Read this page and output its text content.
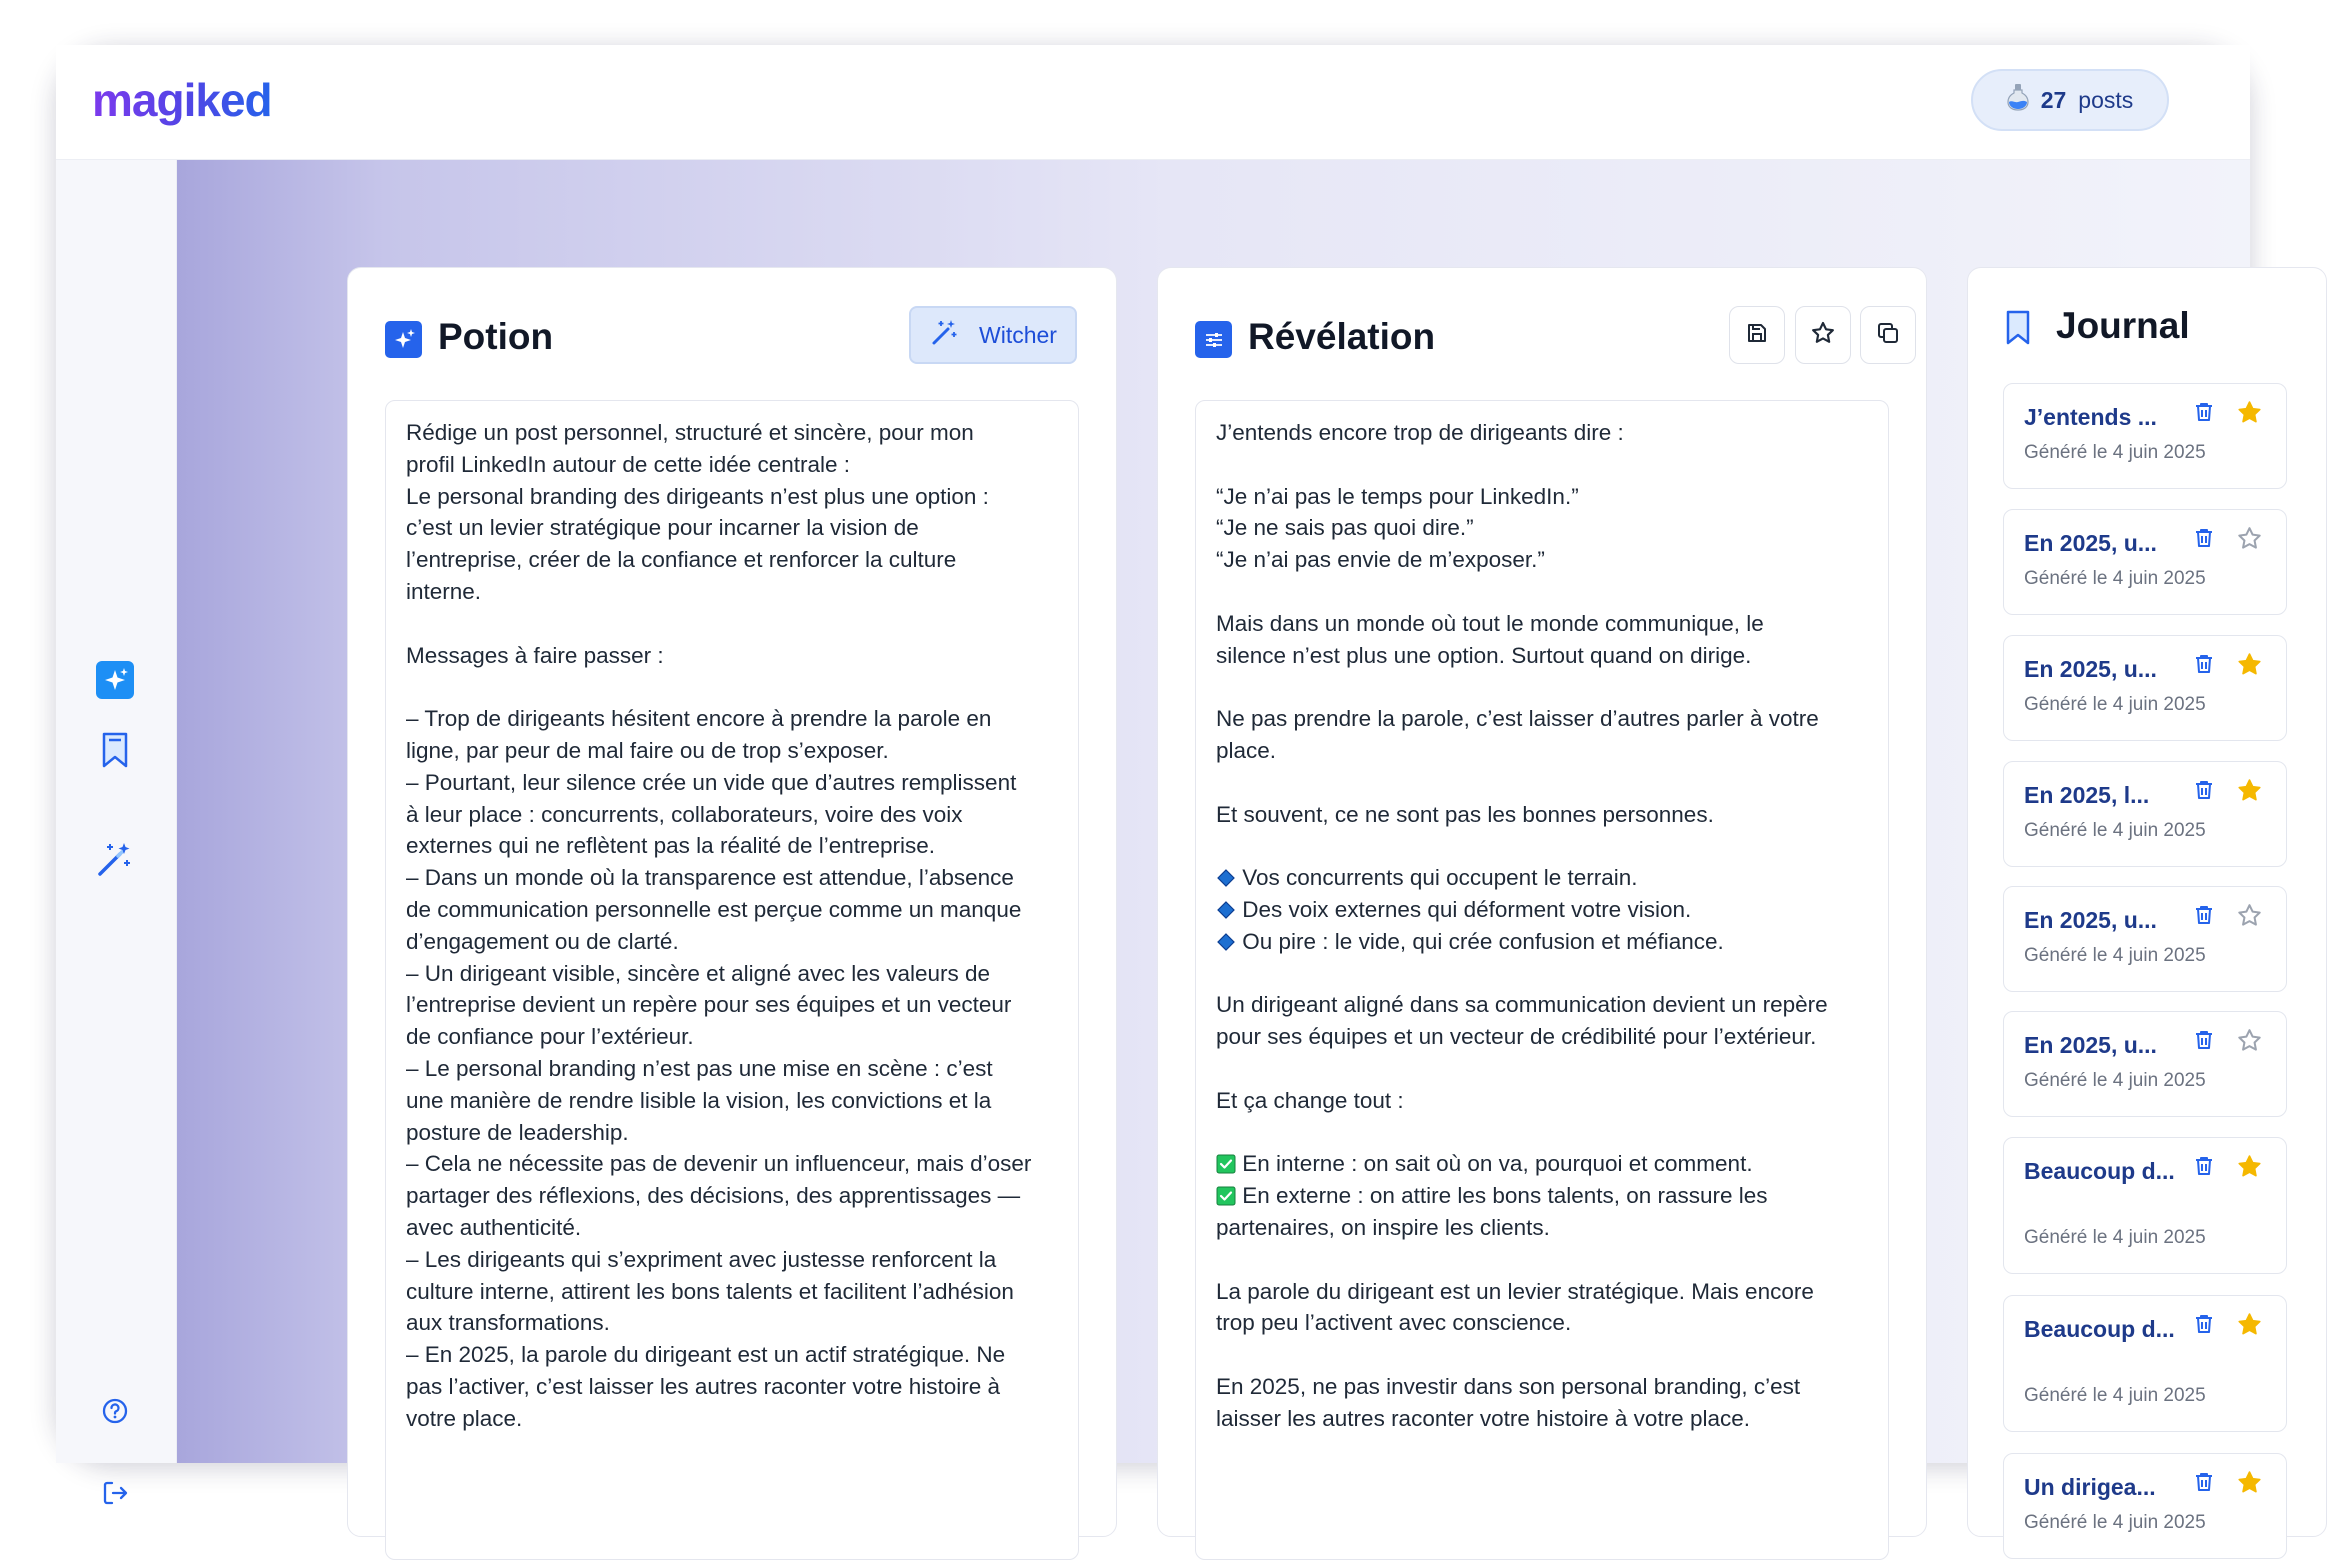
magiked	27 posts
Potion	Witcher
Rédige un post personnel, structuré et sincère, pour mon
profil LinkedIn autour de cette idée centrale :
Le personal branding des dirigeants n’est plus une option :
c’est un levier stratégique pour incarner la vision de
l’entreprise, créer de la confiance et renforcer la culture
interne.
Messages à faire passer :
– Trop de dirigeants hésitent encore à prendre la parole en
ligne, par peur de mal faire ou de trop s’exposer.
– Pourtant, leur silence crée un vide que d’autres remplissent
à leur place : concurrents, collaborateurs, voire des voix
externes qui ne reflètent pas la réalité de l’entreprise.
– Dans un monde où la transparence est attendue, l’absence
de communication personnelle est perçue comme un manque
d’engagement ou de clarté.
– Un dirigeant visible, sincère et aligné avec les valeurs de
l’entreprise devient un repère pour ses équipes et un vecteur
de confiance pour l’extérieur.
– Le personal branding n’est pas une mise en scène : c’est
une manière de rendre lisible la vision, les convictions et la
posture de leadership.
– Cela ne nécessite pas de devenir un influenceur, mais d’oser
partager des réflexions, des décisions, des apprentissages —
avec authenticité.
– Les dirigeants qui s’expriment avec justesse renforcent la
culture interne, attirent les bons talents et facilitent l’adhésion
aux transformations.
– En 2025, la parole du dirigeant est un actif stratégique. Ne
pas l’activer, c’est laisser les autres raconter votre histoire à
votre place.
Révélation
J’entends encore trop de dirigeants dire :
“Je n’ai pas le temps pour LinkedIn.”
“Je ne sais pas quoi dire.”
“Je n’ai pas envie de m’exposer.”
Mais dans un monde où tout le monde communique, le
silence n’est plus une option. Surtout quand on dirige.
Ne pas prendre la parole, c’est laisser d’autres parler à votre
place.
Et souvent, ce ne sont pas les bonnes personnes.
Vos concurrents qui occupent le terrain.
Des voix externes qui déforment votre vision.
Ou pire : le vide, qui crée confusion et méfiance.
Un dirigeant aligné dans sa communication devient un repère
pour ses équipes et un vecteur de crédibilité pour l’extérieur.
Et ça change tout :
En interne : on sait où on va, pourquoi et comment.
En externe : on attire les bons talents, on rassure les
partenaires, on inspire les clients.
La parole du dirigeant est un levier stratégique. Mais encore
trop peu l’activent avec conscience.
En 2025, ne pas investir dans son personal branding, c’est
laisser les autres raconter votre histoire à votre place.
Journal
J’entends ...
Généré le 4 juin 2025
En 2025, u...
Généré le 4 juin 2025
En 2025, u...
Généré le 4 juin 2025
En 2025, l...
Généré le 4 juin 2025
En 2025, u...
Généré le 4 juin 2025
En 2025, u...
Généré le 4 juin 2025
Beaucoup d...
Généré le 4 juin 2025
Beaucoup d...
Généré le 4 juin 2025
Un dirigea...
Généré le 4 juin 2025
